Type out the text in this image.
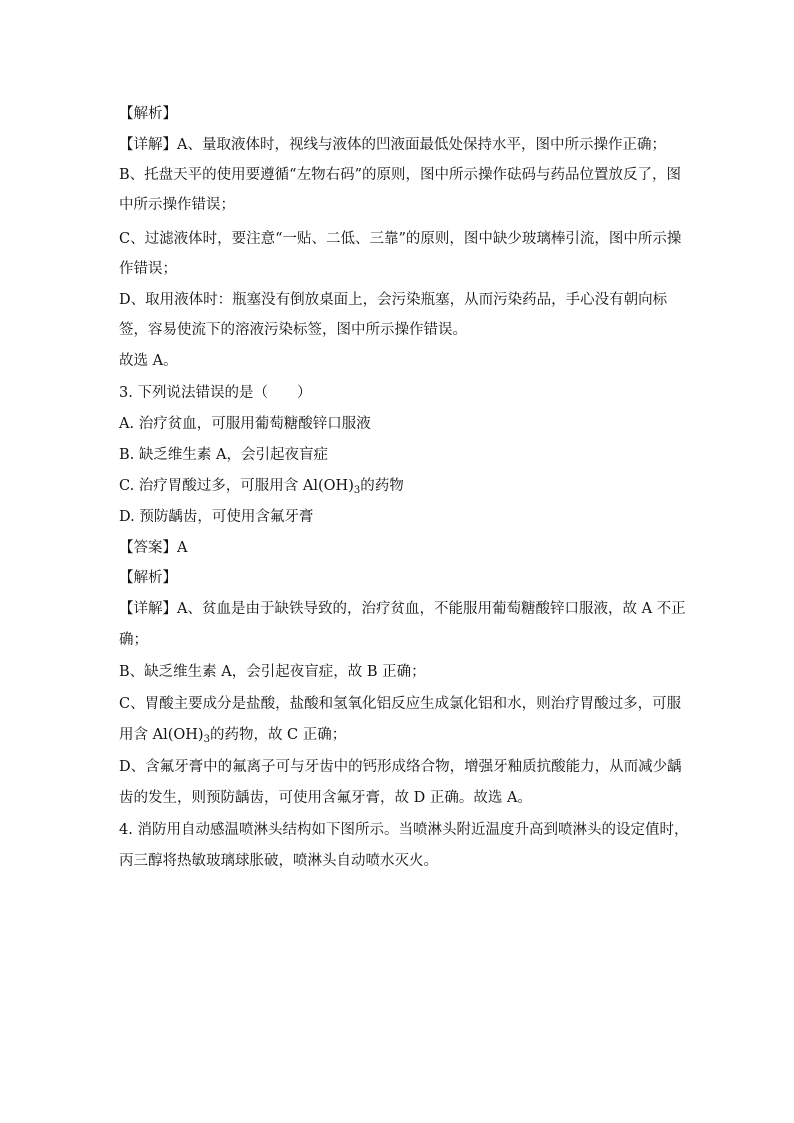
【解析】
【详解】A、量取液体时，视线与液体的凹液面最低处保持水平，图中所示操作正确；
B、托盘天平的使用要遵循“左物右码”的原则，图中所示操作砝码与药品位置放反了，图
中所示操作错误；
C、过滤液体时，要注意“一贴、二低、三靠”的原则，图中缺少玻璃棒引流，图中所示操
作错误；
D、取用液体时：瓶塞没有倒放桌面上，会污染瓶塞，从而污染药品，手心没有朝向标
签，容易使流下的溶液污染标签，图中所示操作错误。
故选 A。
3. 下列说法错误的是（　　）
A. 治疗贫血，可服用葡萄糖酸锌口服液
B. 缺乏维生素 A，会引起夜盲症
C. 治疗胃酸过多，可服用含 $Al(OH)_3$的药物
D. 预防龋齿，可使用含氟牙膏
【答案】A
【解析】
【详解】A、贫血是由于缺铁导致的，治疗贫血，不能服用葡萄糖酸锌口服液，故 A 不正
确；
B、缺乏维生素 A，会引起夜盲症，故 B 正确；
C、胃酸主要成分是盐酸，盐酸和氢氧化铝反应生成氯化铝和水，则治疗胃酸过多，可服
用含 $Al(OH)_3$的药物，故 C 正确；
D、含氟牙膏中的氟离子可与牙齿中的钙形成络合物，增强牙釉质抗酸能力，从而减少龋
齿的发生，则预防龋齿，可使用含氟牙膏，故 D 正确。故选 A。
4. 消防用自动感温喷淋头结构如下图所示。当喷淋头附近温度升高到喷淋头的设定值时，
丙三醇将热敏玻璃球胀破，喷淋头自动喷水灭火。
